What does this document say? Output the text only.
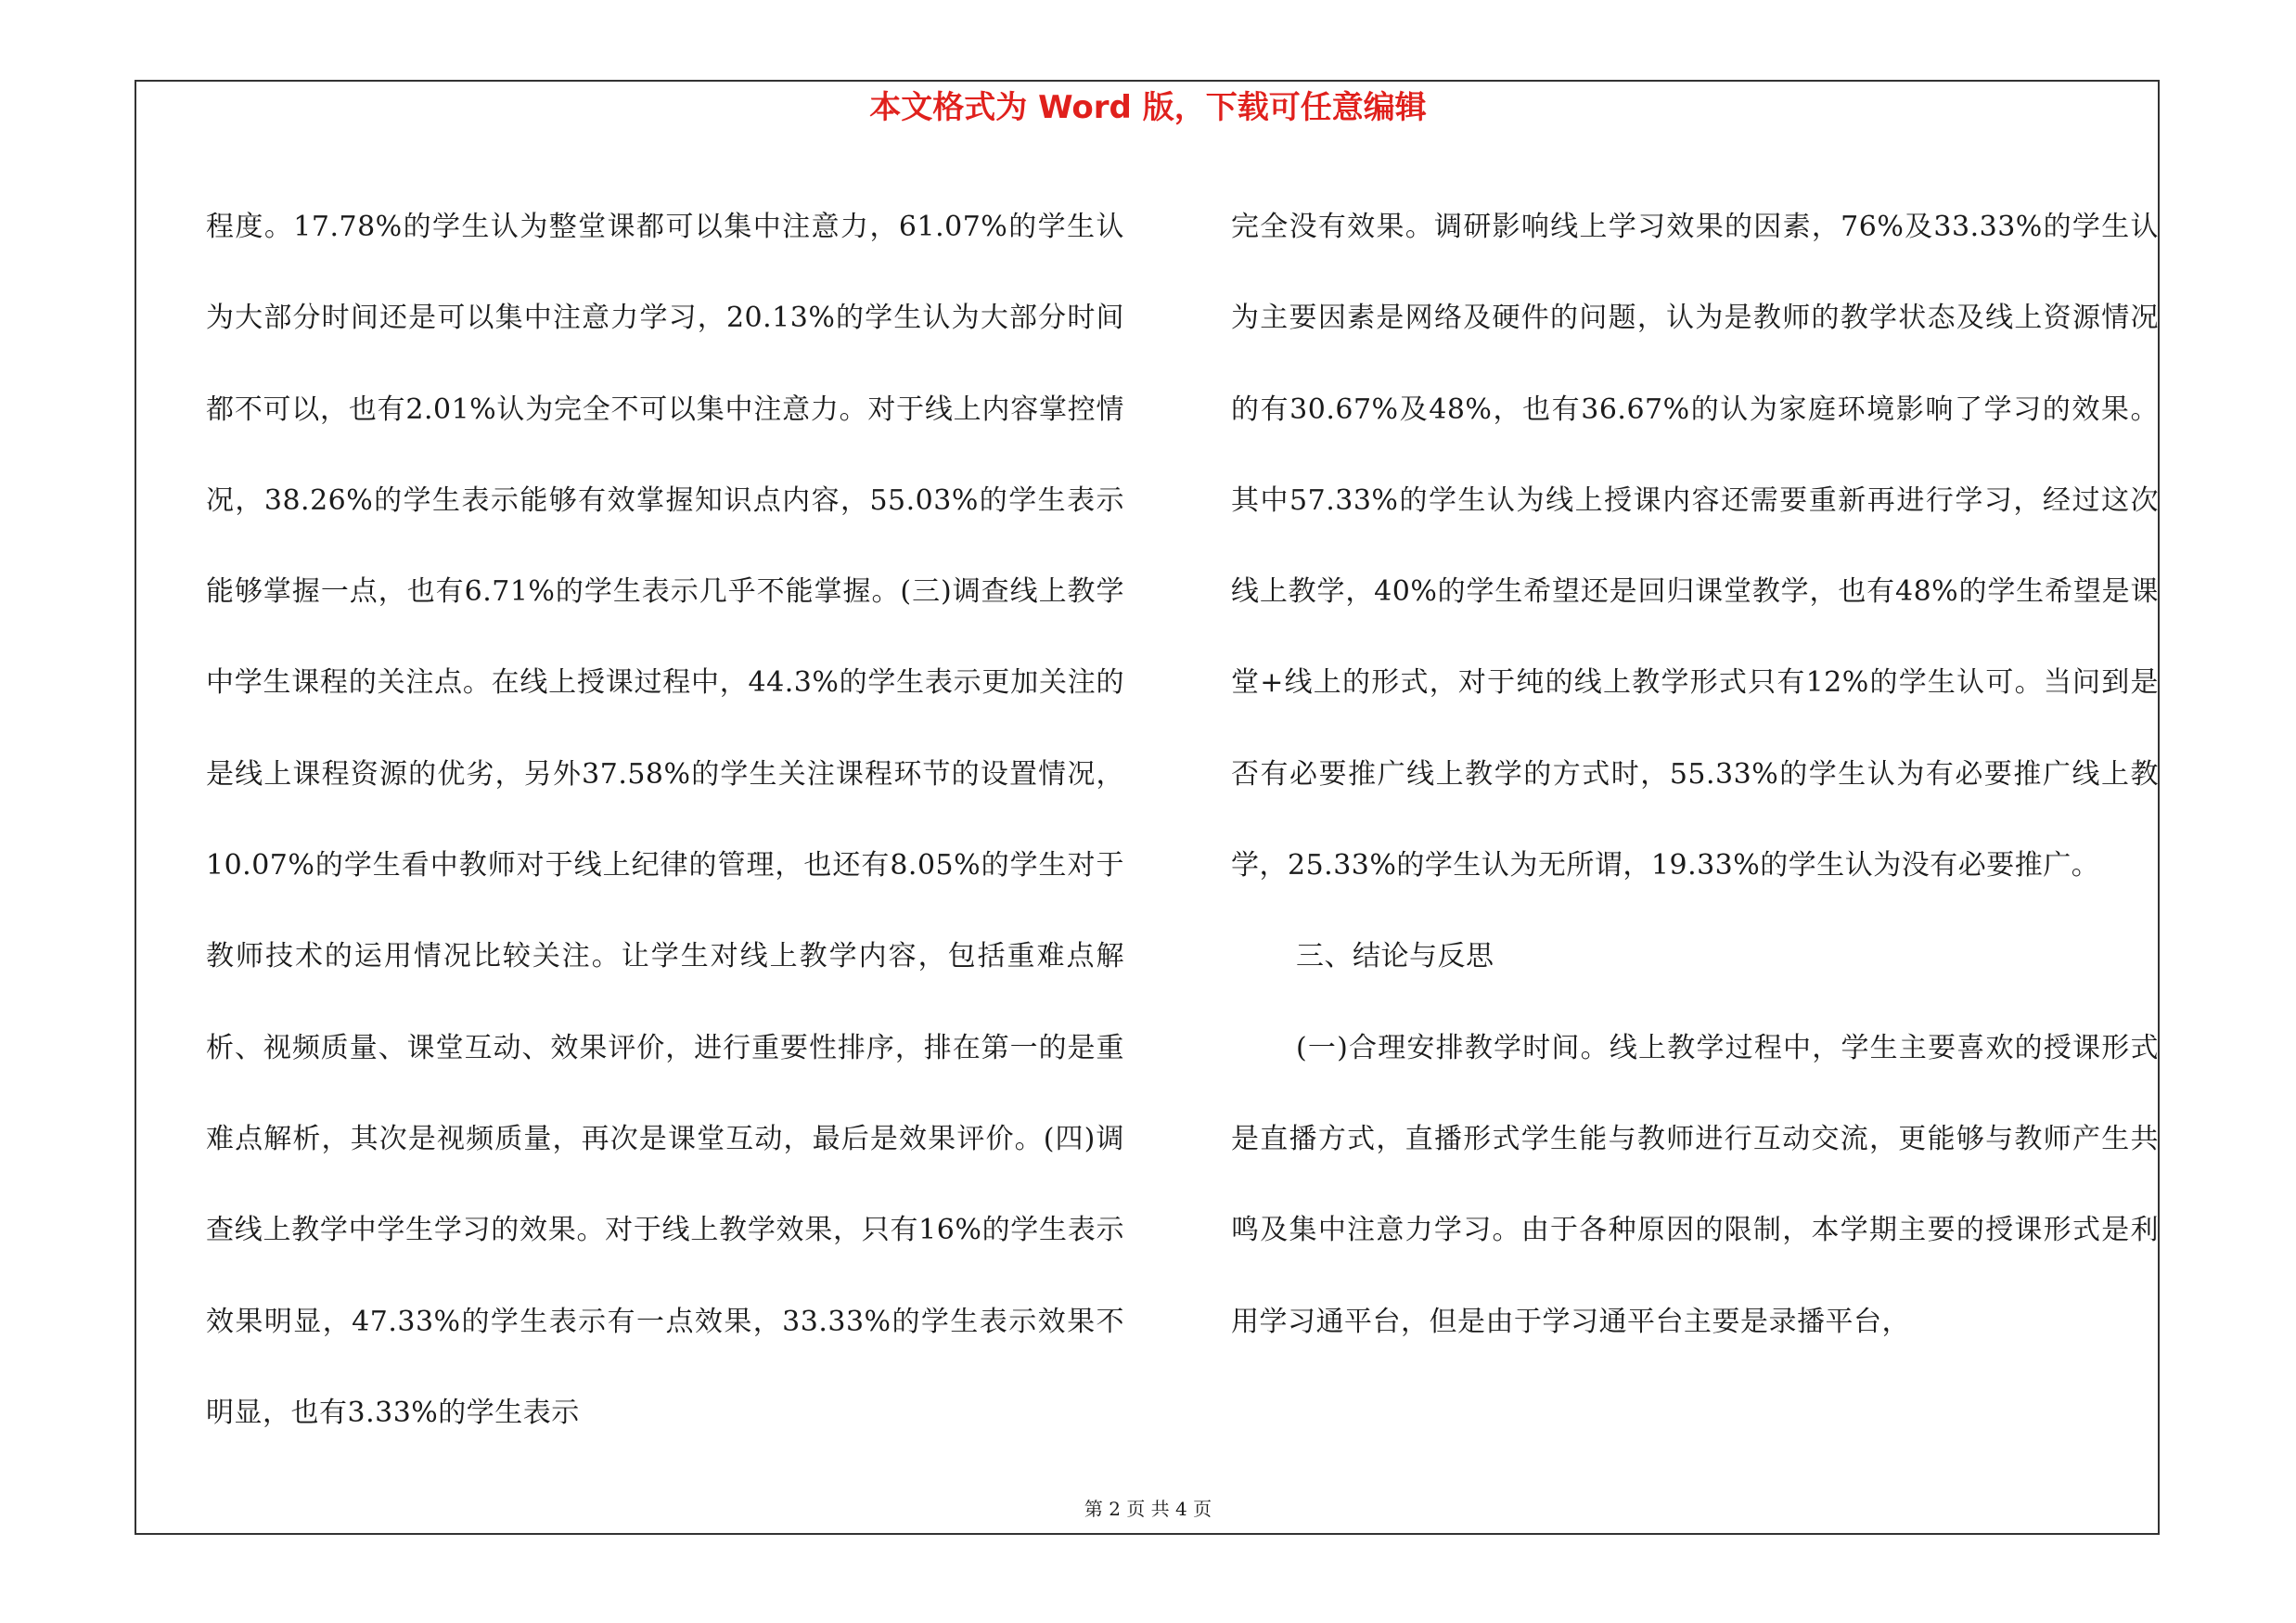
本文格式为 Word 版，下载可任意编辑

程度。17.78%的学生认为整堂课都可以集中注意力，61.07%的学生认为大部分时间还是可以集中注意力学习，20.13%的学生认为大部分时间都不可以，也有2.01%认为完全不可以集中注意力。对于线上内容掌控情况，38.26%的学生表示能够有效掌握知识点内容，55.03%的学生表示能够掌握一点，也有6.71%的学生表示几乎不能掌握。(三)调查线上教学中学生课程的关注点。在线上授课过程中，44.3%的学生表示更加关注的是线上课程资源的优劣，另外37.58%的学生关注课程环节的设置情况，10.07%的学生看中教师对于线上纪律的管理，也还有8.05%的学生对于教师技术的运用情况比较关注。让学生对线上教学内容，包括重难点解析、视频质量、课堂互动、效果评价，进行重要性排序，排在第一的是重难点解析，其次是视频质量，再次是课堂互动，最后是效果评价。(四)调查线上教学中学生学习的效果。对于线上教学效果，只有16%的学生表示效果明显，47.33%的学生表示有一点效果，33.33%的学生表示效果不明显，也有3.33%的学生表示

完全没有效果。调研影响线上学习效果的因素，76%及33.33%的学生认为主要因素是网络及硬件的问题，认为是教师的教学状态及线上资源情况的有30.67%及48%，也有36.67%的认为家庭环境影响了学习的效果。其中57.33%的学生认为线上授课内容还需要重新再进行学习，经过这次线上教学，40%的学生希望还是回归课堂教学，也有48%的学生希望是课堂+线上的形式，对于纯的线上教学形式只有12%的学生认可。当问到是否有必要推广线上教学的方式时，55.33%的学生认为有必要推广线上教学，25.33%的学生认为无所谓，19.33%的学生认为没有必要推广。

三、结论与反思

(一)合理安排教学时间。线上教学过程中，学生主要喜欢的授课形式是直播方式，直播形式学生能与教师进行互动交流，更能够与教师产生共鸣及集中注意力学习。由于各种原因的限制，本学期主要的授课形式是利用学习通平台，但是由于学习通平台主要是录播平台，

第 2 页 共 4 页
